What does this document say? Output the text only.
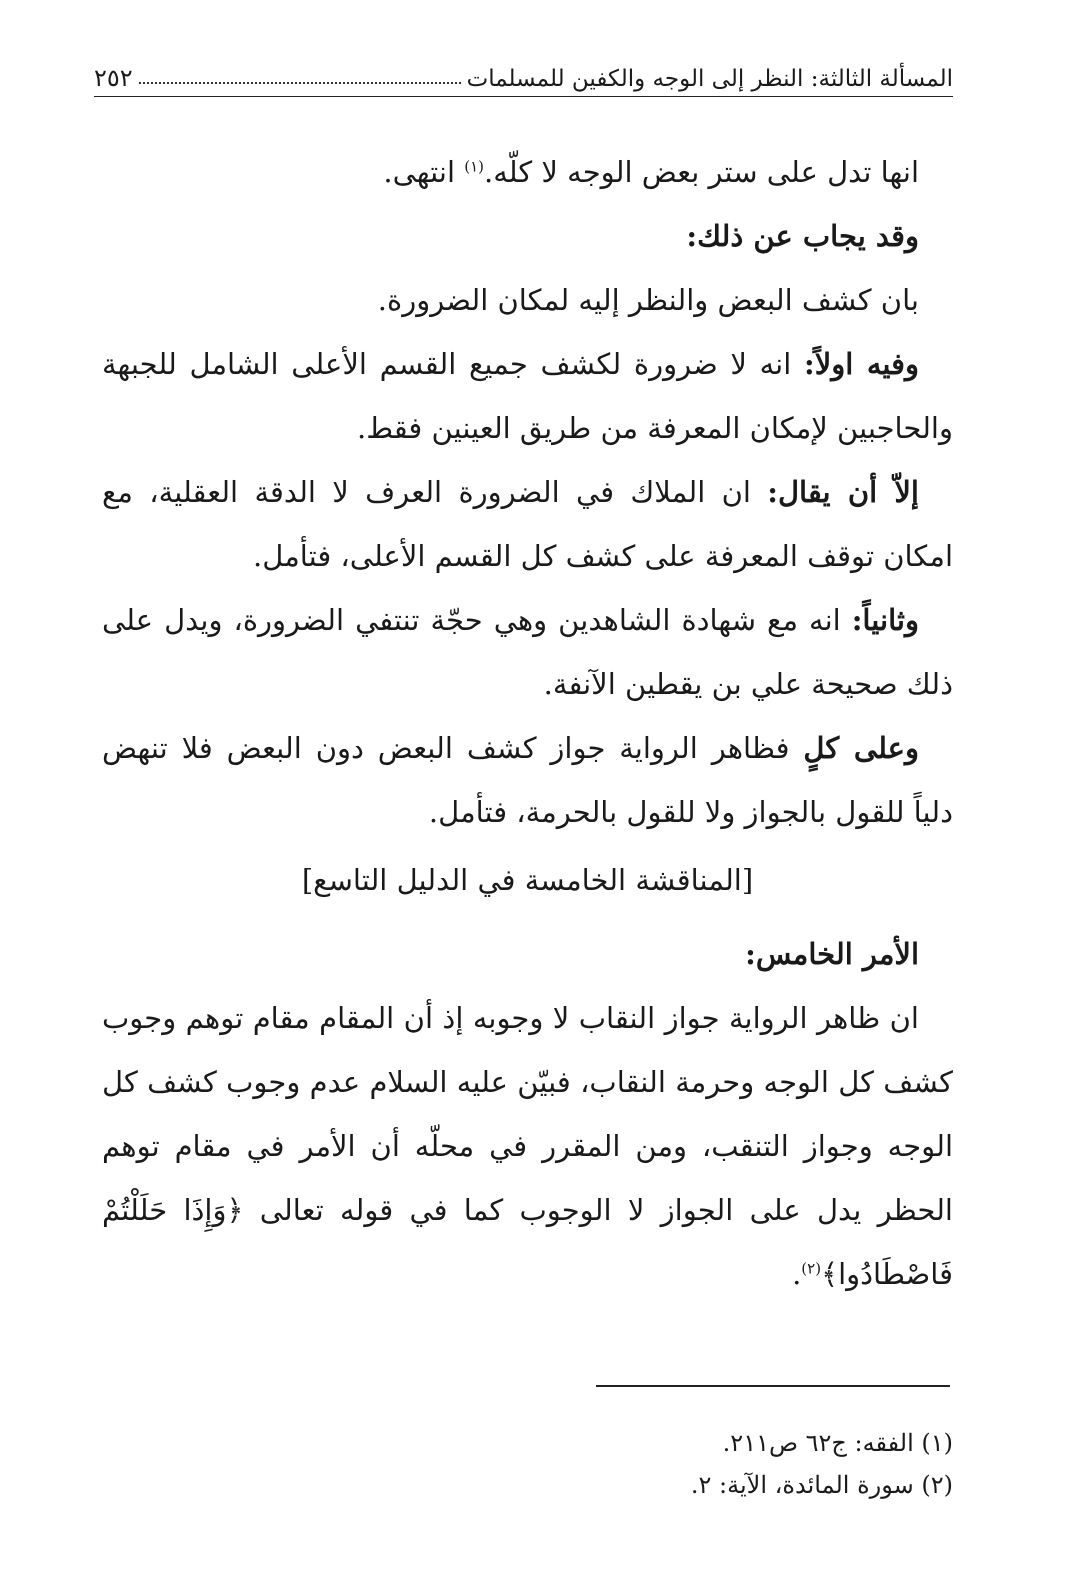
المسألة الثالثة: النظر إلى الوجه والكفين للمسلمات
٢٥٢

انها تدل على ستر بعض الوجه لا كلّه.$^{(١)}$ انتهى.

وقد يجاب عن ذلك:

بان كشف البعض والنظر إليه لمكان الضرورة.

وفيه اولاً: انه لا ضرورة لكشف جميع القسم الأعلى الشامل للجبهة والحاجبين لإمكان المعرفة من طريق العينين فقط.

إلاّ أن يقال: ان الملاك في الضرورة العرف لا الدقة العقلية، مع امكان توقف المعرفة على كشف كل القسم الأعلى، فتأمل.

وثانياً: انه مع شهادة الشاهدين وهي حجّة تنتفي الضرورة، ويدل على ذلك صحيحة علي بن يقطين الآنفة.

وعلى كلٍ فظاهر الرواية جواز كشف البعض دون البعض فلا تنهض دلياً للقول بالجواز ولا للقول بالحرمة، فتأمل.

[المناقشة الخامسة في الدليل التاسع]

الأمر الخامس:

ان ظاهر الرواية جواز النقاب لا وجوبه إذ أن المقام مقام توهم وجوب كشف كل الوجه وحرمة النقاب، فبيّن عليه السلام عدم وجوب كشف كل الوجه وجواز التنقب، ومن المقرر في محلّه أن الأمر في مقام توهم الحظر يدل على الجواز لا الوجوب كما في قوله تعالى ﴿وَإِذَا حَلَلْتُمْ فَاصْطَادُوا﴾$^{(٢)}$.

(١) الفقه: ج٦٢ ص٢١١.

(٢) سورة المائدة، الآية: ٢.
